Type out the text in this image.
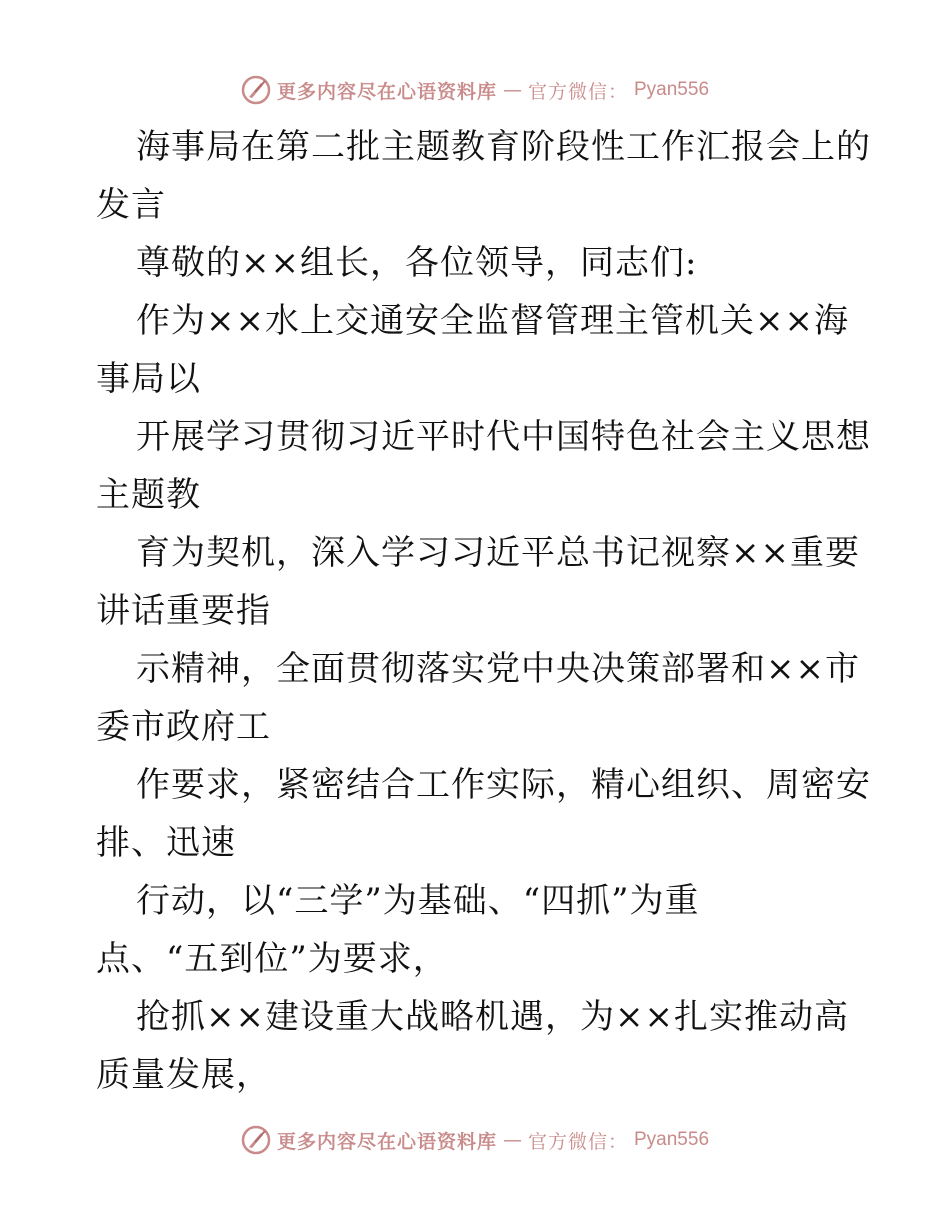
更多内容尽在心语资料库 — 官方微信： Pyan556
海事局在第二批主题教育阶段性工作汇报会上的
发言
尊敬的××组长，各位领导，同志们:
作为××水上交通安全监督管理主管机关××海
事局以
开展学习贯彻习近平时代中国特色社会主义思想
主题教
育为契机，深入学习习近平总书记视察××重要
讲话重要指
示精神，全面贯彻落实党中央决策部署和××市
委市政府工
作要求，紧密结合工作实际，精心组织、周密安
排、迅速
行动，以“三学”为基础、“四抓”为重
点、“五到位”为要求，
抢抓××建设重大战略机遇，为××扎实推动高
质量发展，
更多内容尽在心语资料库 — 官方微信： Pyan556
